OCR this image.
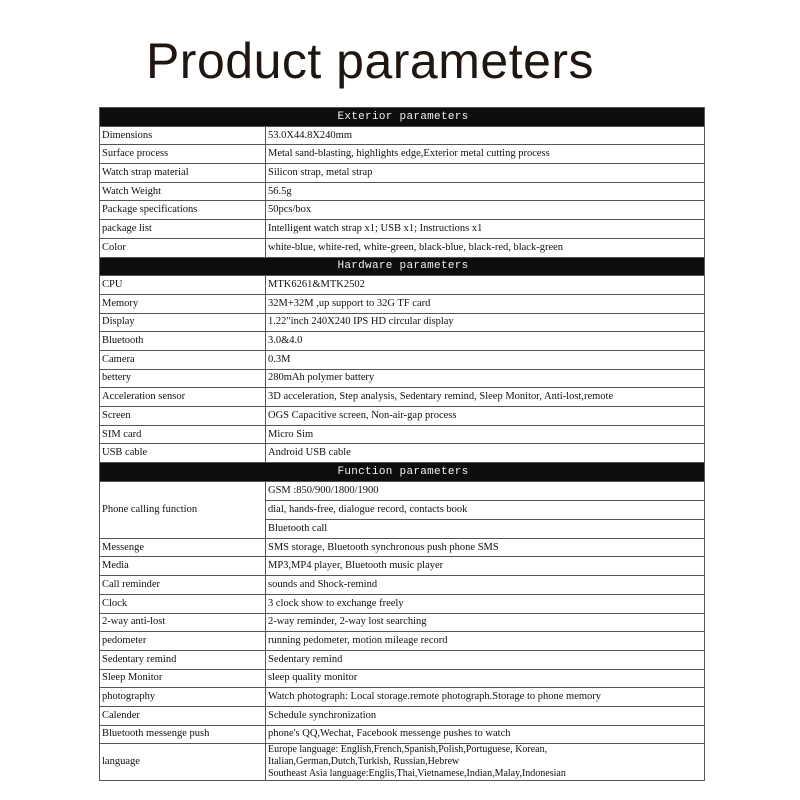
Product parameters
Exterior parameters	
Dimensions	53.0X44.8X240mm
Surface process	Metal sand-blasting, highlights edge,Exterior metal cutting process
Watch strap material	Silicon strap, metal strap
Watch Weight	56.5g
Package specifications	50pcs/box
package list	Intelligent watch strap x1; USB x1; Instructions x1
Color	white-blue, white-red, white-green, black-blue, black-red, black-green
Hardware parameters	
CPU	MTK6261&MTK2502
Memory	32M+32M ,up support to 32G TF card
Display	1.22"inch 240X240 IPS HD circular display
Bluetooth	3.0&4.0
Camera	0.3M
bettery	280mAh polymer battery
Acceleration sensor	3D acceleration, Step analysis, Sedentary remind, Sleep Monitor, Anti-lost,remote
Screen	OGS Capacitive screen, Non-air-gap process
SIM card	Micro Sim
USB cable	Android USB cable
Function parameters	
Phone calling function	GSM :850/900/1800/1900
	dial, hands-free, dialogue record, contacts book
	Bluetooth call
Messenge	SMS storage, Bluetooth synchronous push phone SMS
Media	MP3,MP4 player, Bluetooth music player
Call reminder	sounds and Shock-remind
Clock	3 clock show to exchange freely
2-way anti-lost	2-way reminder, 2-way lost searching
pedometer	running pedometer, motion mileage record
Sedentary remind	Sedentary remind
Sleep Monitor	sleep quality monitor
photography	Watch photograph: Local storage.remote photograph.Storage to phone memory
Calender	Schedule synchronization
Bluetooth messenge push	phone's QQ,Wechat, Facebook messenge pushes to watch
language	Europe language: English,French,Spanish,Polish,Portuguese, Korean,
Italian,German,Dutch,Turkish, Russian,Hebrew
Southeast Asia language:Englis,Thai,Vietnamese,Indian,Malay,Indonesian
